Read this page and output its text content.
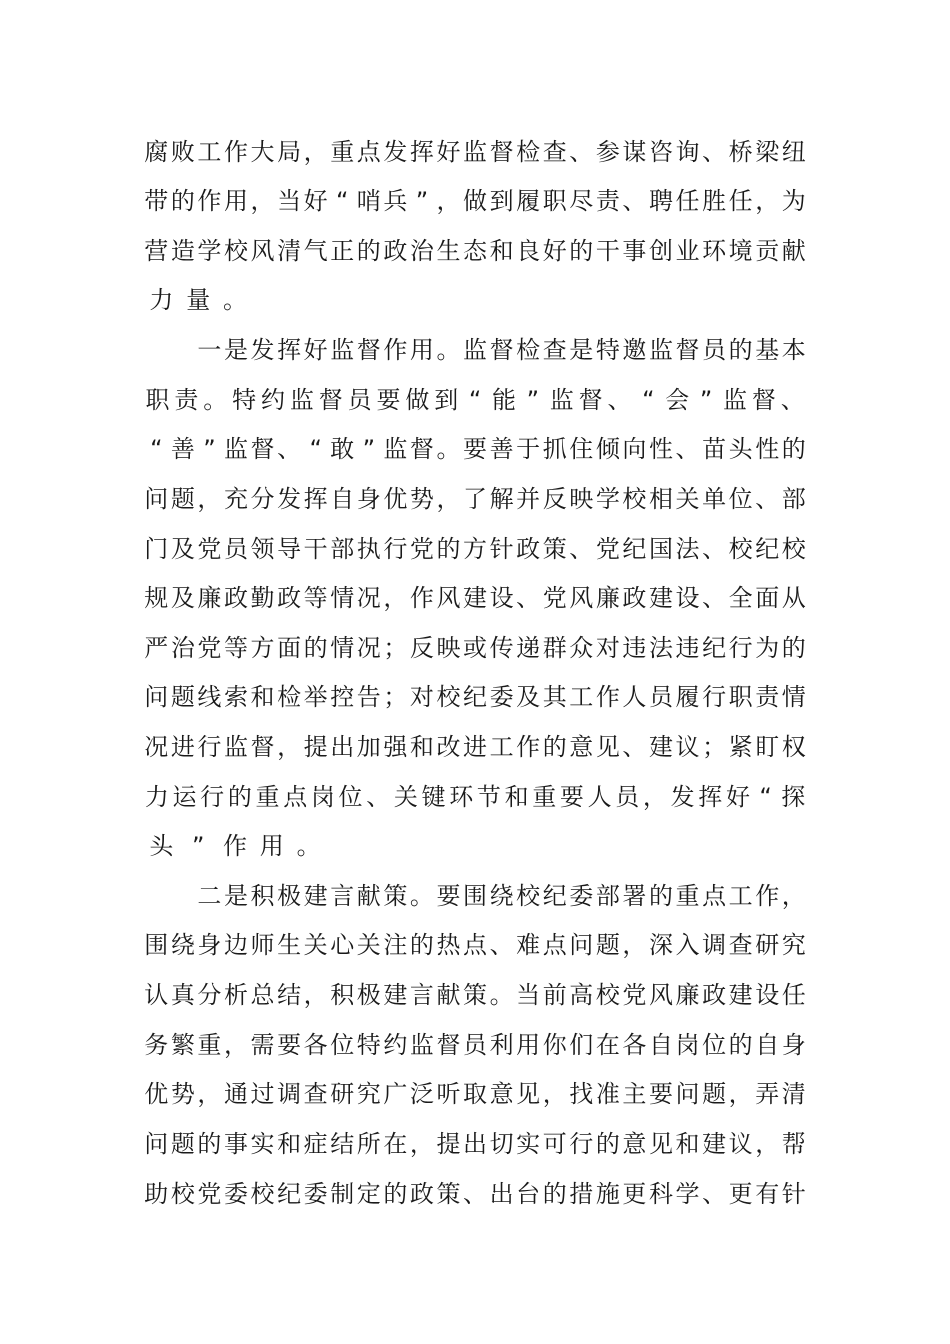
腐 败 工 作 大 局 ， 重 点 发 挥 好 监 督 检 查 、 参 谋 咨 询 、 桥 梁 纽
带 的 作 用 ， 当 好 “ 哨 兵 ” ， 做 到 履 职 尽 责 、 聘 任 胜 任 ， 为
营 造 学 校 风 清 气 正 的 政 治 生 态 和 良 好 的 干 事 创 业 环 境 贡 献
力 量 。

一 是 发 挥 好 监 督 作 用 。 监 督 检 查 是 特 邀 监 督 员 的 基 本
职 责 。 特 约 监 督 员 要 做 到 “ 能 ” 监 督 、 “ 会 ” 监 督 、
“ 善 ” 监 督 、 “ 敢 ” 监 督 。 要 善 于 抓 住 倾 向 性 、 苗 头 性 的
问 题 ， 充 分 发 挥 自 身 优 势 ， 了 解 并 反 映 学 校 相 关 单 位 、 部
门 及 党 员 领 导 干 部 执 行 党 的 方 针 政 策 、 党 纪 国 法 、 校 纪 校
规 及 廉 政 勤 政 等 情 况 ， 作 风 建 设 、 党 风 廉 政 建 设 、 全 面 从
严 治 党 等 方 面 的 情 况 ； 反 映 或 传 递 群 众 对 违 法 违 纪 行 为 的
问 题 线 索 和 检 举 控 告 ； 对 校 纪 委 及 其 工 作 人 员 履 行 职 责 情
况 进 行 监 督 ， 提 出 加 强 和 改 进 工 作 的 意 见 、 建 议 ； 紧 盯 权
力 运 行 的 重 点 岗 位 、 关 键 环 节 和 重 要 人 员 ， 发 挥 好 “ 探
头 ” 作 用 。

二 是 积 极 建 言 献 策 。 要 围 绕 校 纪 委 部 署 的 重 点 工 作 ，
围 绕 身 边 师 生 关 心 关 注 的 热 点 、 难 点 问 题 ， 深 入 调 查 研 究
认 真 分 析 总 结 ， 积 极 建 言 献 策 。 当 前 高 校 党 风 廉 政 建 设 任
务 繁 重 ， 需 要 各 位 特 约 监 督 员 利 用 你 们 在 各 自 岗 位 的 自 身
优 势 ， 通 过 调 查 研 究 广 泛 听 取 意 见 ， 找 准 主 要 问 题 ， 弄 清
问 题 的 事 实 和 症 结 所 在 ， 提 出 切 实 可 行 的 意 见 和 建 议 ， 帮
助 校 党 委 校 纪 委 制 定 的 政 策 、 出 台 的 措 施 更 科 学 、 更 有 针
